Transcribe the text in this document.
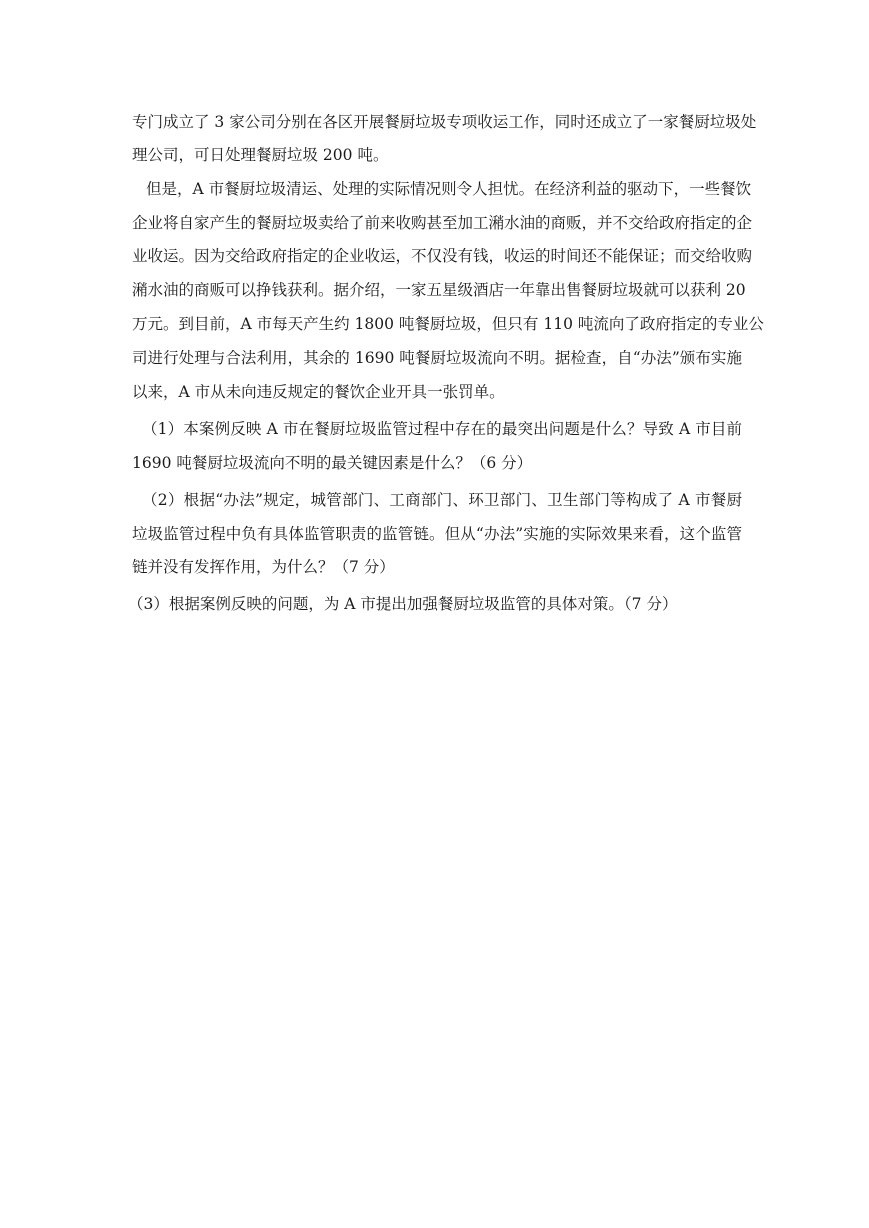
专门成立了 3 家公司分别在各区开展餐厨垃圾专项收运工作，同时还成立了一家餐厨垃圾处
理公司，可日处理餐厨垃圾 200 吨。
但是，A 市餐厨垃圾清运、处理的实际情况则令人担忧。在经济利益的驱动下，一些餐饮
企业将自家产生的餐厨垃圾卖给了前来收购甚至加工潲水油的商贩，并不交给政府指定的企
业收运。因为交给政府指定的企业收运，不仅没有钱，收运的时间还不能保证；而交给收购
潲水油的商贩可以挣钱获利。据介绍，一家五星级酒店一年靠出售餐厨垃圾就可以获利 20
万元。到目前，A 市每天产生约 1800 吨餐厨垃圾，但只有 110 吨流向了政府指定的专业公
司进行处理与合法利用，其余的 1690 吨餐厨垃圾流向不明。据检查，自“办法”颁布实施
以来，A 市从未向违反规定的餐饮企业开具一张罚单。
（1）本案例反映 A 市在餐厨垃圾监管过程中存在的最突出问题是什么？导致 A 市目前
1690 吨餐厨垃圾流向不明的最关键因素是什么？（6 分）
（2）根据“办法”规定，城管部门、工商部门、环卫部门、卫生部门等构成了 A 市餐厨
垃圾监管过程中负有具体监管职责的监管链。但从“办法”实施的实际效果来看，这个监管
链并没有发挥作用，为什么？（7 分）
（3）根据案例反映的问题，为 A 市提出加强餐厨垃圾监管的具体对策。（7 分）
